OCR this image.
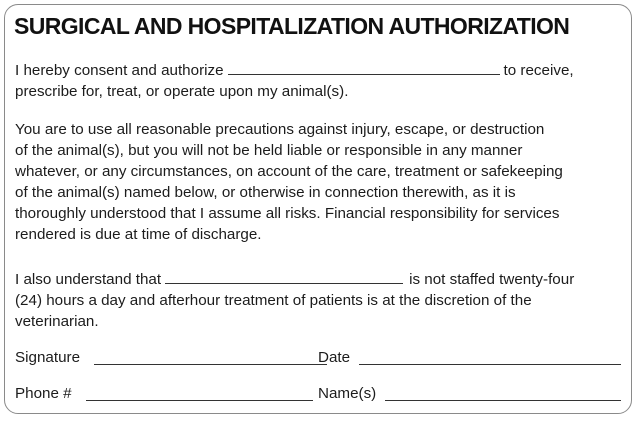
SURGICAL AND HOSPITALIZATION AUTHORIZATION
I hereby consent and authorize	to receive,
prescribe for, treat, or operate upon my animal(s).
You are to use all reasonable precautions against injury, escape, or destruction
of the animal(s), but you will not be held liable or responsible in any manner
whatever, or any circumstances, on account of the care, treatment or safekeeping
of the animal(s) named below, or otherwise in connection therewith, as it is
thoroughly understood that I assume all risks. Financial responsibility for services
rendered is due at time of discharge.
I also understand that	is not staffed twenty-four
(24) hours a day and afterhour treatment of patients is at the discretion of the
veterinarian.
Signature	Date
Phone #	Name(s)
